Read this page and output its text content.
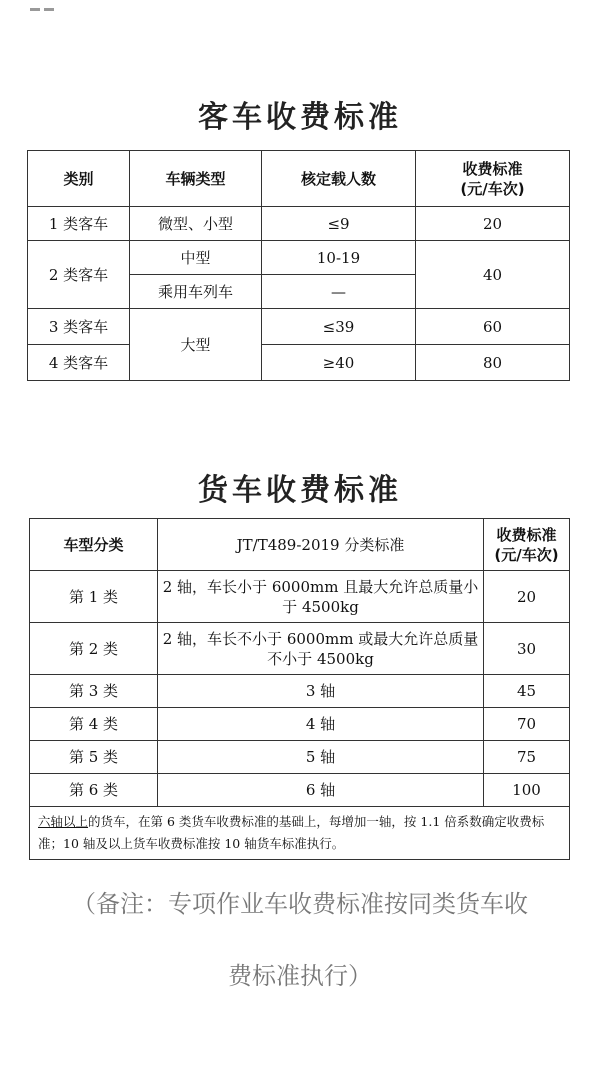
客车收费标准
类别	车辆类型	核定载人数	收费标准
(元/车次)

1 类客车	微型、小型	≤9	20
2 类客车	中型	10-19	40
	乘用车列车	—	
3 类客车	大型	≤39	60
4 类客车		≥40	80
货车收费标准
车型分类	JT/T489-2019 分类标准	收费标准
(元/车次)

第 1 类	2 轴，车长小于 6000mm 且最大允许总质量小于 4500kg	20
第 2 类	2 轴，车长不小于 6000mm 或最大允许总质量不小于 4500kg	30
第 3 类	3 轴	45
第 4 类	4 轴	70
第 5 类	5 轴	75
第 6 类	6 轴	100
六轴以上的货车，在第 6 类货车收费标准的基础上，每增加一轴，按 1.1 倍系数确定收费标准；10 轴及以上货车收费标准按 10 轴货车标准执行。		
（备注：专项作业车收费标准按同类货车收
费标准执行）
